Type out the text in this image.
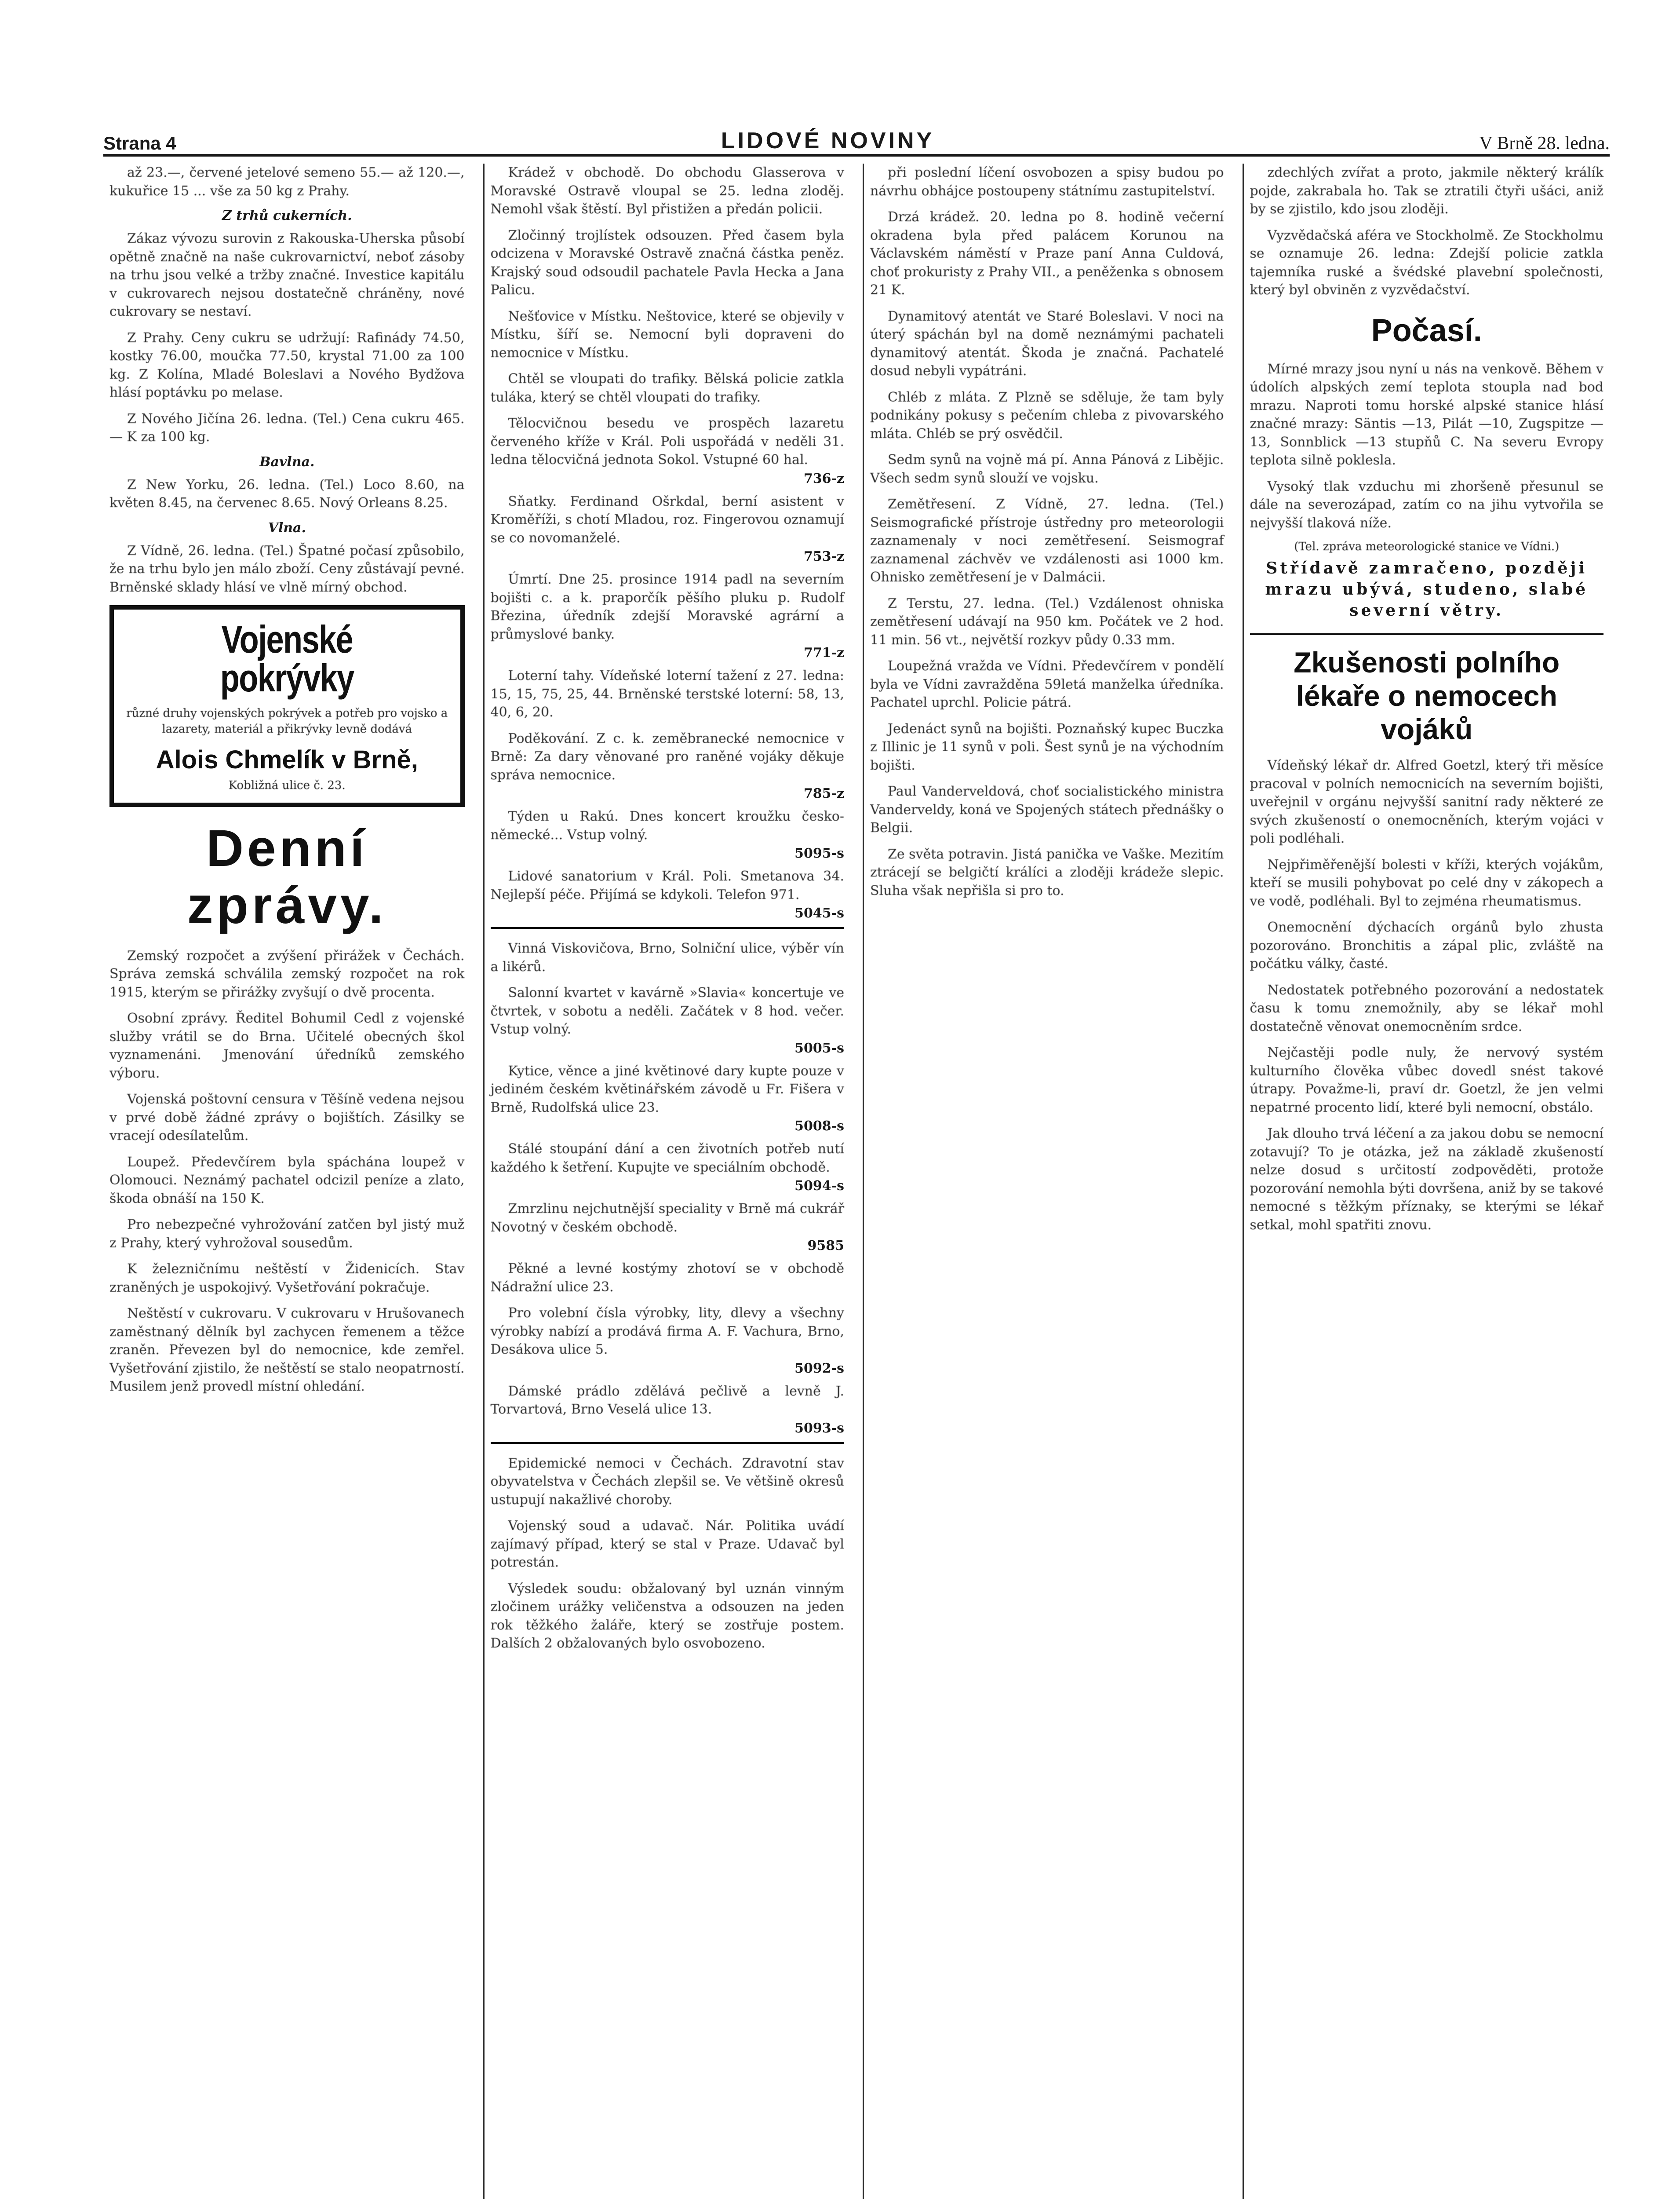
Strana 4	LIDOVÉ NOVINY	V Brně 28. ledna.

až 23.—, červené jetelové semeno 55.— až 120.—, kukuřice 15 ... vše za 50 kg z Prahy.

Z trhů cukerních.

Zákaz vývozu surovin z Rakouska-Uherska působí opětně značně na naše cukrovarnictví, neboť zásoby na trhu jsou velké a tržby značné. Investice kapitálu v cukrovarech nejsou dostatečně chráněny, nové cukrovary se nestaví.

Z Prahy. Ceny cukru se udržují: Rafinády 74.50, kostky 76.00, moučka 77.50, krystal 71.00 za 100 kg. Z Kolína, Mladé Boleslavi a Nového Bydžova hlásí poptávku po melase.

Z Nového Jičína 26. ledna. (Tel.) Cena cukru 465.— K za 100 kg.

Bavlna.

Z New Yorku, 26. ledna. (Tel.) Loco 8.60, na květen 8.45, na červenec 8.65. Nový Orleans 8.25.

Vlna.

Z Vídně, 26. ledna. (Tel.) Špatné počasí způsobilo, že na trhu bylo jen málo zboží. Ceny zůstávají pevné. Brněnské sklady hlásí ve vlně mírný obchod.

Vojenské pokrývky
různé druhy vojenských pokrývek a potřeb pro vojsko a lazarety, materiál a přikrývky levně dodává
Alois Chmelík v Brně,
Kobližná ulice č. 23.
Denní zprávy.

Zemský rozpočet a zvýšení přirážek v Čechách. Správa zemská schválila zemský rozpočet na rok 1915, kterým se přirážky zvyšují o dvě procenta.

Osobní zprávy. Ředitel Bohumil Cedl z vojenské služby vrátil se do Brna. Učitelé obecných škol vyznamenáni. Jmenování úředníků zemského výboru.

Vojenská poštovní censura v Těšíně vedena nejsou v prvé době žádné zprávy o bojištích. Zásilky se vracejí odesílatelům.

Loupež. Předevčírem byla spáchána loupež v Olomouci. Neznámý pachatel odcizil peníze a zlato, škoda obnáší na 150 K.

Pro nebezpečné vyhrožování zatčen byl jistý muž z Prahy, který vyhrožoval sousedům.

K železničnímu neštěstí v Židenicích. Stav zraněných je uspokojivý. Vyšetřování pokračuje.

Neštěstí v cukrovaru. V cukrovaru v Hrušovanech zaměstnaný dělník byl zachycen řemenem a těžce zraněn. Převezen byl do nemocnice, kde zemřel. Vyšetřování zjistilo, že neštěstí se stalo neopatrností. Musilem jenž provedl místní ohledání.

Krádež v obchodě. Do obchodu Glasserova v Moravské Ostravě vloupal se 25. ledna zloděj. Nemohl však štěstí. Byl přistižen a předán policii.

Zločinný trojlístek odsouzen. Před časem byla odcizena v Moravské Ostravě značná částka peněz. Krajský soud odsoudil pachatele Pavla Hecka a Jana Palicu.

Nešťovice v Místku. Neštovice, které se objevily v Místku, šíří se. Nemocní byli dopraveni do nemocnice v Místku.

Chtěl se vloupati do trafiky. Bělská policie zatkla tuláka, který se chtěl vloupati do trafiky.

Tělocvičnou besedu ve prospěch lazaretu červeného kříže v Král. Poli uspořádá v neděli 31. ledna tělocvičná jednota Sokol. Vstupné 60 hal.

736-z

Sňatky. Ferdinand Ošrkdal, berní asistent v Kroměříži, s chotí Mladou, roz. Fingerovou oznamují se co novomanželé.

753-z

Úmrtí. Dne 25. prosince 1914 padl na severním bojišti c. a k. praporčík pěšího pluku p. Rudolf Březina, úředník zdejší Moravské agrární a průmyslové banky.

771-z

Loterní tahy. Vídeňské loterní tažení z 27. ledna: 15, 15, 75, 25, 44. Brněnské terstské loterní: 58, 13, 40, 6, 20.

Poděkování. Z c. k. zeměbranecké nemocnice v Brně: Za dary věnované pro raněné vojáky děkuje správa nemocnice.

785-z

Týden u Rakú. Dnes koncert kroužku česko-německé... Vstup volný.

5095-s

Lidové sanatorium v Král. Poli. Smetanova 34. Nejlepší péče. Přijímá se kdykoli. Telefon 971.

5045-s

Vinná Viskovičova, Brno, Solniční ulice, výběr vín a likérů.

Salonní kvartet v kavárně »Slavia« koncertuje ve čtvrtek, v sobotu a neděli. Začátek v 8 hod. večer. Vstup volný.

5005-s

Kytice, věnce a jiné květinové dary kupte pouze v jediném českém květinářském závodě u Fr. Fišera v Brně, Rudolfská ulice 23.

5008-s

Stálé stoupání dání a cen životních potřeb nutí každého k šetření. Kupujte ve speciálním obchodě.

5094-s

Zmrzlinu nejchutnější speciality v Brně má cukrář Novotný v českém obchodě.

9585

Pěkné a levné kostýmy zhotoví se v obchodě Nádražní ulice 23.

Pro volební čísla výrobky, lity, dlevy a všechny výrobky nabízí a prodává firma A. F. Vachura, Brno, Desákova ulice 5.

5092-s

Dámské prádlo zdělává pečlivě a levně J. Torvartová, Brno Veselá ulice 13.

5093-s

Epidemické nemoci v Čechách. Zdravotní stav obyvatelstva v Čechách zlepšil se. Ve většině okresů ustupují nakažlivé choroby.

Vojenský soud a udavač. Nár. Politika uvádí zajímavý případ, který se stal v Praze. Udavač byl potrestán.

Výsledek soudu: obžalovaný byl uznán vinným zločinem urážky veličenstva a odsouzen na jeden rok těžkého žaláře, který se zostřuje postem. Dalších 2 obžalovaných bylo osvobozeno.

při poslední líčení osvobozen a spisy budou po návrhu obhájce postoupeny státnímu zastupitelství.

Drzá krádež. 20. ledna po 8. hodině večerní okradena byla před palácem Korunou na Václavském náměstí v Praze paní Anna Culdová, choť prokuristy z Prahy VII., a peněženka s obnosem 21 K.

Dynamitový atentát ve Staré Boleslavi. V noci na úterý spáchán byl na domě neznámými pachateli dynamitový atentát. Škoda je značná. Pachatelé dosud nebyli vypátráni.

Chléb z mláta. Z Plzně se sděluje, že tam byly podnikány pokusy s pečením chleba z pivovarského mláta. Chléb se prý osvědčil.

Sedm synů na vojně má pí. Anna Pánová z Libějic. Všech sedm synů slouží ve vojsku.

Zemětřesení. Z Vídně, 27. ledna. (Tel.) Seismografické přístroje ústředny pro meteorologii zaznamenaly v noci zemětřesení. Seismograf zaznamenal záchvěv ve vzdálenosti asi 1000 km. Ohnisko zemětřesení je v Dalmácii.

Z Terstu, 27. ledna. (Tel.) Vzdálenost ohniska zemětřesení udávají na 950 km. Počátek ve 2 hod. 11 min. 56 vt., největší rozkyv půdy 0.33 mm.

Loupežná vražda ve Vídni. Předevčírem v pondělí byla ve Vídni zavražděna 59letá manželka úředníka. Pachatel uprchl. Policie pátrá.

Jedenáct synů na bojišti. Poznaňský kupec Buczka z Illinic je 11 synů v poli. Šest synů je na východním bojišti.

Paul Vanderveldová, choť socialistického ministra Vanderveldy, koná ve Spojených státech přednášky o Belgii.

Ze světa potravin. Jistá panička ve Vaške. Mezitím ztrácejí se belgičtí králíci a zloději krádeže slepic. Sluha však nepřišla si pro to.

zdechlých zvířat a proto, jakmile některý králík pojde, zakrabala ho. Tak se ztratili čtyři ušáci, aniž by se zjistilo, kdo jsou zloději.

Vyzvědačská aféra ve Stockholmě. Ze Stockholmu se oznamuje 26. ledna: Zdejší policie zatkla tajemníka ruské a švédské plavební společnosti, který byl obviněn z vyzvědačství.

Počasí.

Mírné mrazy jsou nyní u nás na venkově. Během v údolích alpských zemí teplota stoupla nad bod mrazu. Naproti tomu horské alpské stanice hlásí značné mrazy: Säntis —13, Pilát —10, Zugspitze —13, Sonnblick —13 stupňů C. Na severu Evropy teplota silně poklesla.

Vysoký tlak vzduchu mi zhoršeně přesunul se dále na severozápad, zatím co na jihu vytvořila se nejvyšší tlaková níže.

(Tel. zpráva meteorologické stanice ve Vídni.)
Střídavě zamračeno, později mrazu ubývá, studeno, slabé severní větry.
Zkušenosti polního lékaře o nemocech vojáků

Vídeňský lékař dr. Alfred Goetzl, který tři měsíce pracoval v polních nemocnicích na severním bojišti, uveřejnil v orgánu nejvyšší sanitní rady některé ze svých zkušeností o onemocněních, kterým vojáci v poli podléhali.

Nejpřiměřenější bolesti v kříži, kterých vojákům, kteří se musili pohybovat po celé dny v zákopech a ve vodě, podléhali. Byl to zejména rheumatismus.

Onemocnění dýchacích orgánů bylo zhusta pozorováno. Bronchitis a zápal plic, zvláště na počátku války, časté.

Nedostatek potřebného pozorování a nedostatek času k tomu znemožnily, aby se lékař mohl dostatečně věnovat onemocněním srdce.

Nejčastěji podle nuly, že nervový systém kulturního člověka vůbec dovedl snést takové útrapy. Považme-li, praví dr. Goetzl, že jen velmi nepatrné procento lidí, které byli nemocní, obstálo.

Jak dlouho trvá léčení a za jakou dobu se nemocní zotavují? To je otázka, jež na základě zkušeností nelze dosud s určitostí zodpověděti, protože pozorování nemohla býti dovršena, aniž by se takové nemocné s těžkým příznaky, se kterými se lékař setkal, mohl spatřiti znovu.
